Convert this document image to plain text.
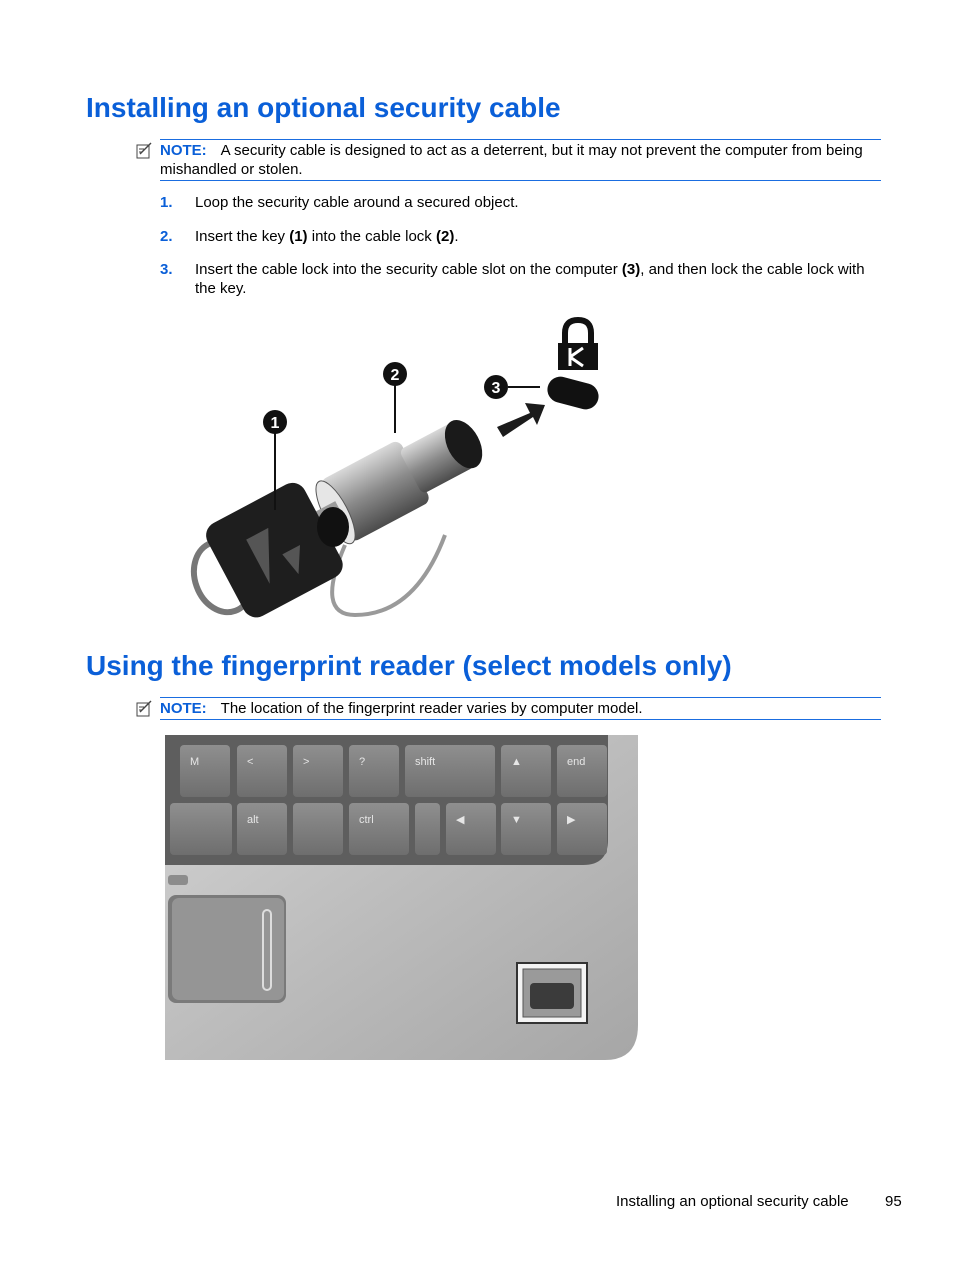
Installing an optional security cable
NOTE: A security cable is designed to act as a deterrent, but it may not prevent the computer from being mishandled or stolen.
1. Loop the security cable around a secured object.
2. Insert the key (1) into the cable lock (2).
3. Insert the cable lock into the security cable slot on the computer (3), and then lock the cable lock with the key.
1
2
3
Using the fingerprint reader (select models only)
NOTE: The location of the fingerprint reader varies by computer model.
M	<	>	?	shift	▲	end
alt	ctrl	◀	▼	▶
Installing an optional security cable 95
